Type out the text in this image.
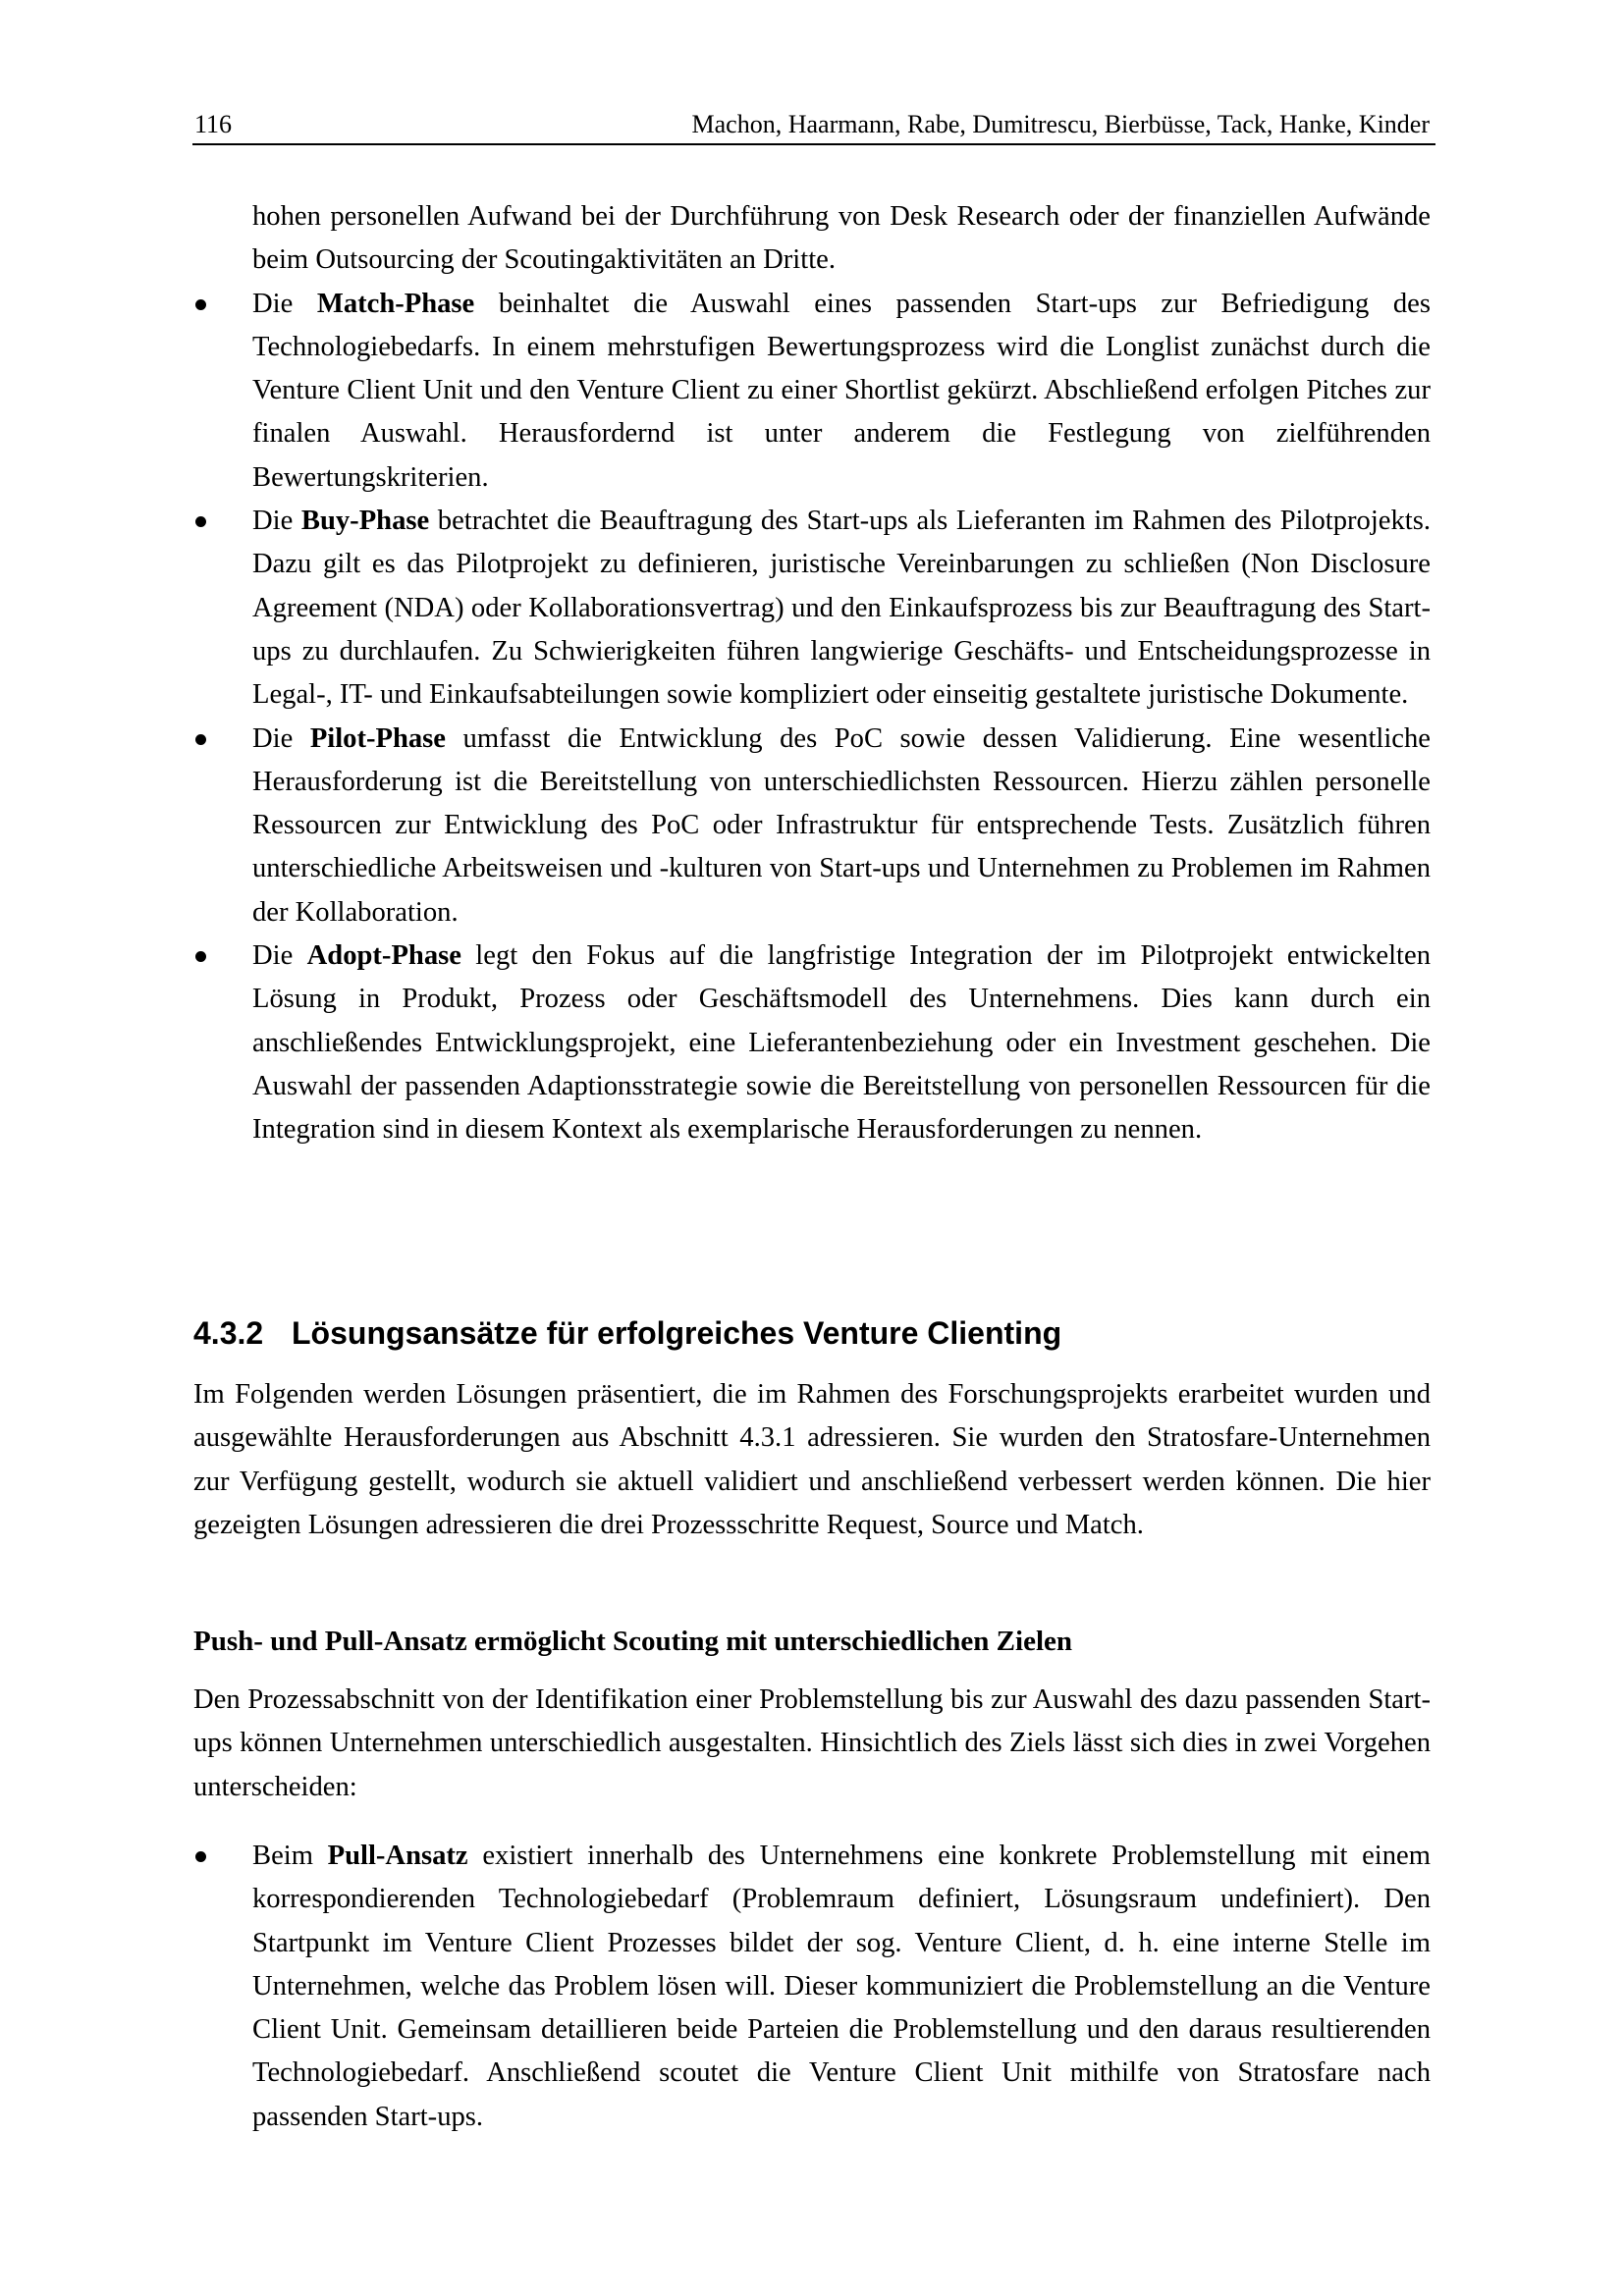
116	Machon, Haarmann, Rabe, Dumitrescu, Bierbüsse, Tack, Hanke, Kinder

hohen personellen Aufwand bei der Durchführung von Desk Research oder der finanziellen Aufwände beim Outsourcing der Scoutingaktivitäten an Dritte.

Die Match-Phase beinhaltet die Auswahl eines passenden Start-ups zur Befriedigung des Technologiebedarfs. In einem mehrstufigen Bewertungsprozess wird die Longlist zunächst durch die Venture Client Unit und den Venture Client zu einer Shortlist gekürzt. Abschließend erfolgen Pitches zur finalen Auswahl. Herausfordernd ist unter anderem die Festlegung von zielführenden Bewertungskriterien.
Die Buy-Phase betrachtet die Beauftragung des Start-ups als Lieferanten im Rahmen des Pilotprojekts. Dazu gilt es das Pilotprojekt zu definieren, juristische Vereinbarungen zu schließen (Non Disclosure Agreement (NDA) oder Kollaborationsvertrag) und den Einkaufsprozess bis zur Beauftragung des Start-ups zu durchlaufen. Zu Schwierigkeiten führen langwierige Geschäfts- und Entscheidungsprozesse in Legal-, IT- und Einkaufsabteilungen sowie kompliziert oder einseitig gestaltete juristische Dokumente.
Die Pilot-Phase umfasst die Entwicklung des PoC sowie dessen Validierung. Eine wesentliche Herausforderung ist die Bereitstellung von unterschiedlichsten Ressourcen. Hierzu zählen personelle Ressourcen zur Entwicklung des PoC oder Infrastruktur für entsprechende Tests. Zusätzlich führen unterschiedliche Arbeitsweisen und -kulturen von Start-ups und Unternehmen zu Problemen im Rahmen der Kollaboration.
Die Adopt-Phase legt den Fokus auf die langfristige Integration der im Pilotprojekt entwickelten Lösung in Produkt, Prozess oder Geschäftsmodell des Unternehmens. Dies kann durch ein anschließendes Entwicklungsprojekt, eine Lieferantenbeziehung oder ein Investment geschehen. Die Auswahl der passenden Adaptionsstrategie sowie die Bereitstellung von personellen Ressourcen für die Integration sind in diesem Kontext als exemplarische Herausforderungen zu nennen.
4.3.2 Lösungsansätze für erfolgreiches Venture Clienting

Im Folgenden werden Lösungen präsentiert, die im Rahmen des Forschungsprojekts erarbeitet wurden und ausgewählte Herausforderungen aus Abschnitt 4.3.1 adressieren. Sie wurden den Stratosfare-Unternehmen zur Verfügung gestellt, wodurch sie aktuell validiert und anschließend verbessert werden können. Die hier gezeigten Lösungen adressieren die drei Prozessschritte Request, Source und Match.

Push- und Pull-Ansatz ermöglicht Scouting mit unterschiedlichen Zielen

Den Prozessabschnitt von der Identifikation einer Problemstellung bis zur Auswahl des dazu passenden Start-ups können Unternehmen unterschiedlich ausgestalten. Hinsichtlich des Ziels lässt sich dies in zwei Vorgehen unterscheiden:

Beim Pull-Ansatz existiert innerhalb des Unternehmens eine konkrete Problemstellung mit einem korrespondierenden Technologiebedarf (Problemraum definiert, Lösungsraum undefiniert). Den Startpunkt im Venture Client Prozesses bildet der sog. Venture Client, d. h. eine interne Stelle im Unternehmen, welche das Problem lösen will. Dieser kommuniziert die Problemstellung an die Venture Client Unit. Gemeinsam detaillieren beide Parteien die Problemstellung und den daraus resultierenden Technologiebedarf. Anschließend scoutet die Venture Client Unit mithilfe von Stratosfare nach passenden Start-ups.
